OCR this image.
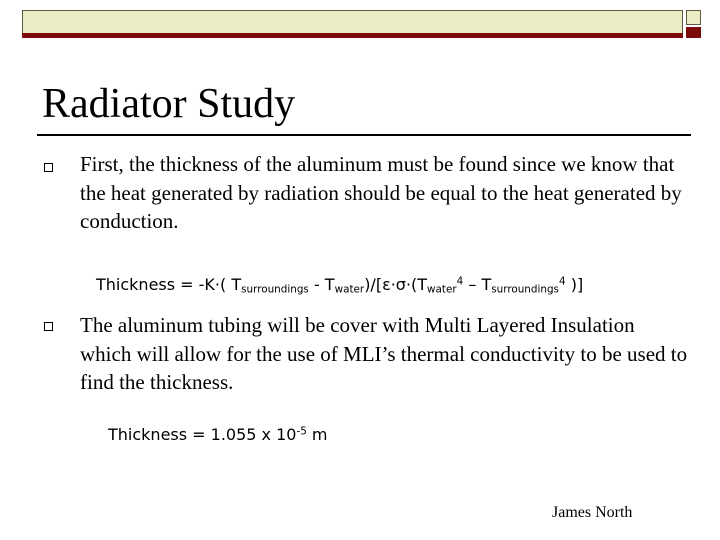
Radiator Study

First, the thickness of the aluminum must be found since we know that the heat generated by radiation should be equal to the heat generated by conduction.

Thickness = -K·( $T_{surroundings} - T_{water})/[\varepsilon\cdot\sigma\cdot(T_{water}^4 - T_{surroundings}^4$ )]

The aluminum tubing will be cover with Multi Layered Insulation which will allow for the use of MLI’s thermal conductivity to be used to find the thickness.

Thickness = 1.055 x $10^{-5}$ m

James North
